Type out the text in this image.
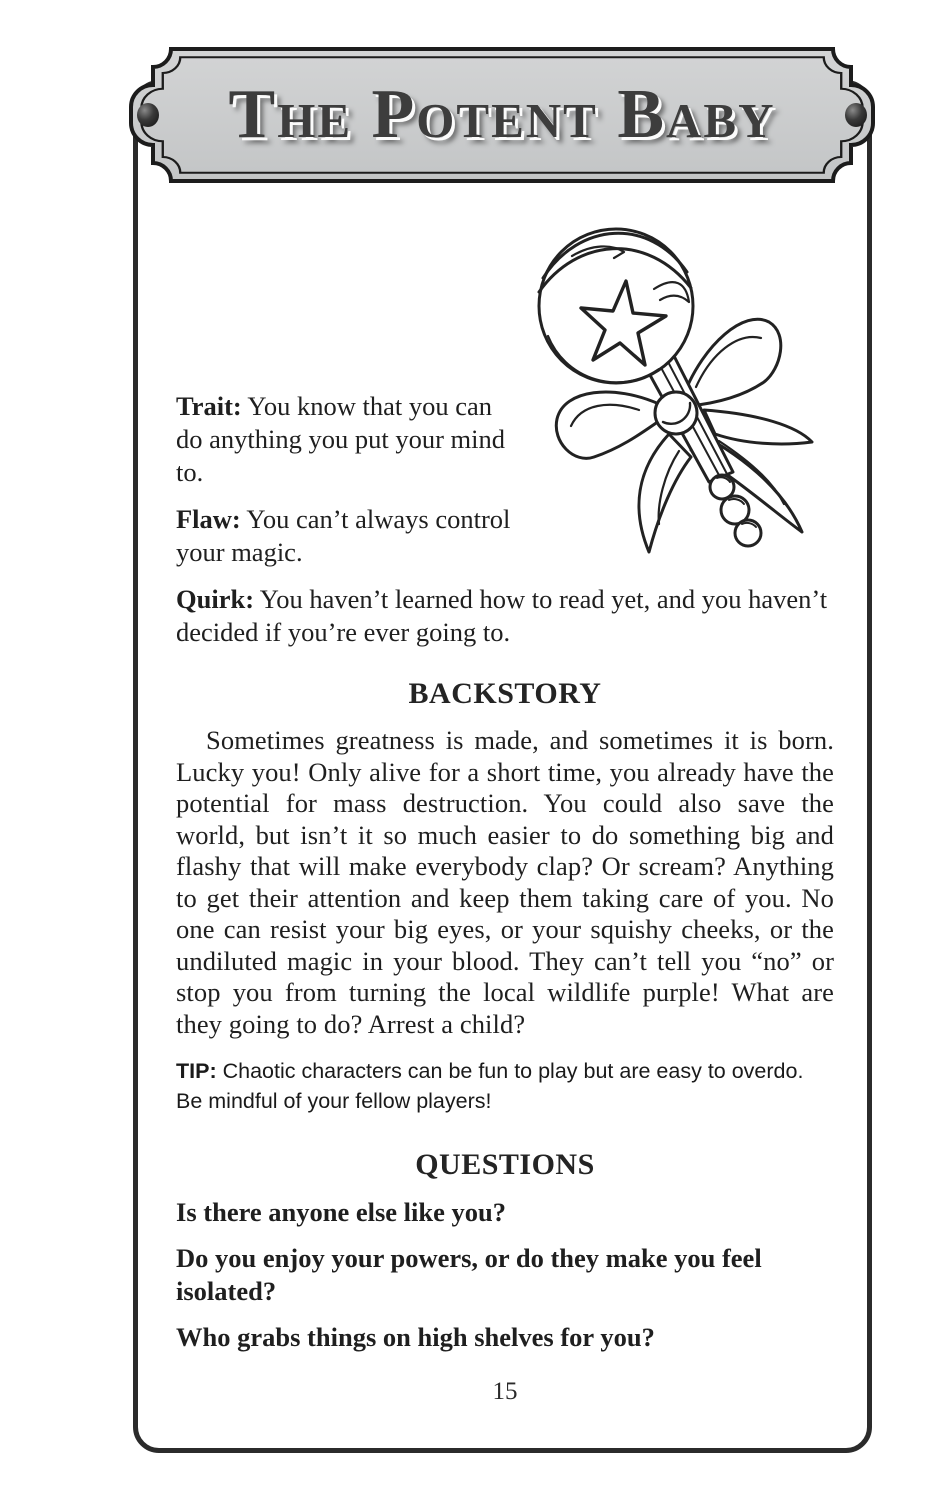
The Potent Baby

Trait: You know that you can do anything you put your mind to.

Flaw: You can’t always control your magic.

Quirk: You haven’t learned how to read yet, and you haven’t decided if you’re ever going to.

BACKSTORY

Sometimes greatness is made, and sometimes it is born. Lucky you! Only alive for a short time, you already have the potential for mass destruction. You could also save the world, but isn’t it so much easier to do something big and flashy that will make everybody clap? Or scream? Anything to get their attention and keep them taking care of you. No one can resist your big eyes, or your squishy cheeks, or the undiluted magic in your blood. They can’t tell you “no” or stop you from turning the local wildlife purple! What are they going to do? Arrest a child?

TIP: Chaotic characters can be fun to play but are easy to overdo. Be mindful of your fellow players!

QUESTIONS

Is there anyone else like you?

Do you enjoy your powers, or do they make you feel isolated?

Who grabs things on high shelves for you?

15
